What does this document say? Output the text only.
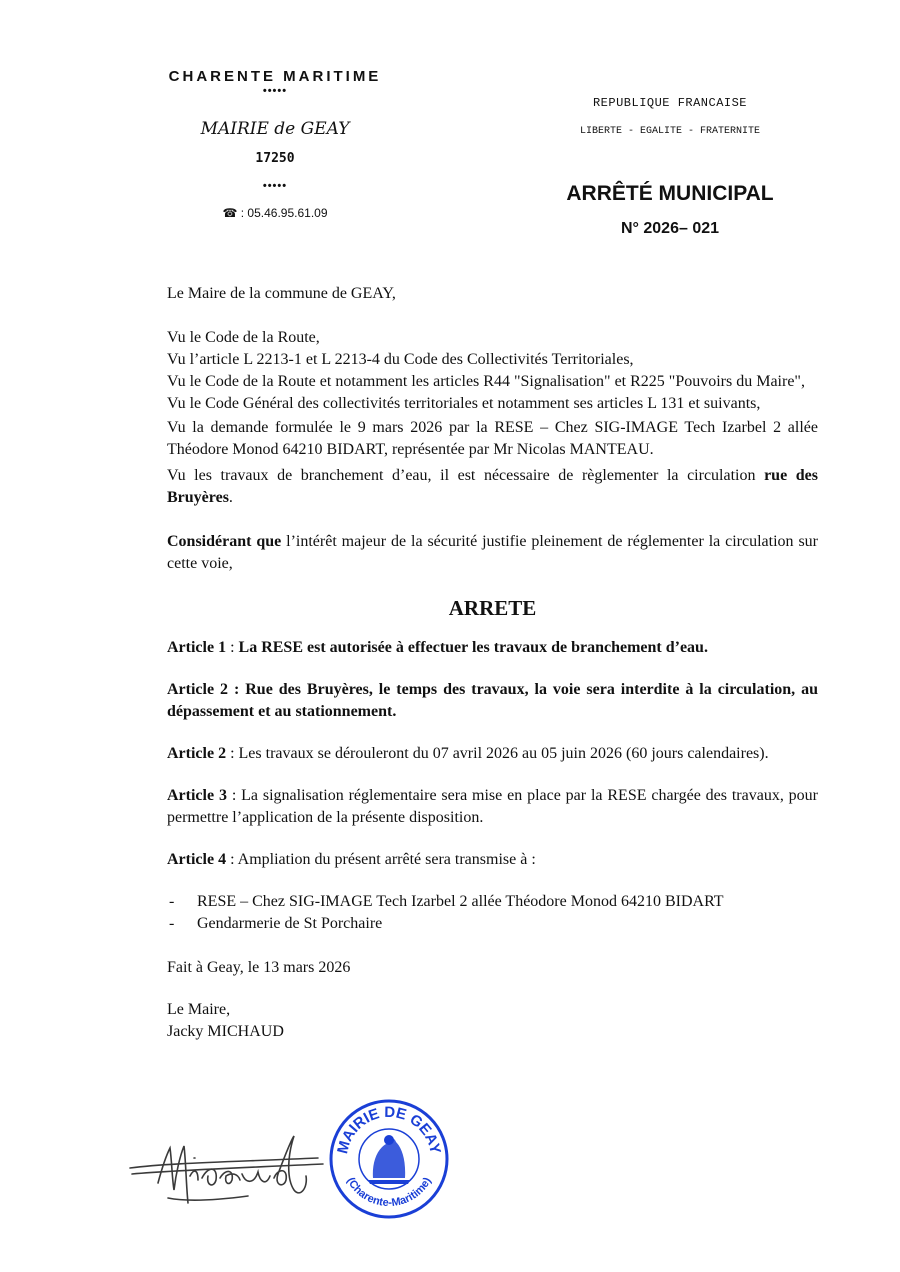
CHARENTE MARITIME
•••••
MAIRIE de GEAY
17250
•••••
☎ : 05.46.95.61.09
REPUBLIQUE FRANCAISE
LIBERTE - EGALITE - FRATERNITE
ARRÊTÉ MUNICIPAL
N° 2026– 021

Le Maire de la commune de GEAY,

Vu le Code de la Route,

Vu l’article L 2213-1 et L 2213-4 du Code des Collectivités Territoriales,

Vu le Code de la Route et notamment les articles R44 "Signalisation" et R225 "Pouvoirs du Maire",

Vu le Code Général des collectivités territoriales et notamment ses articles L 131 et suivants,

Vu la demande formulée le 9 mars 2026 par la RESE – Chez SIG-IMAGE Tech Izarbel 2 allée Théodore Monod 64210 BIDART, représentée par Mr Nicolas MANTEAU.

Vu les travaux de branchement d’eau, il est nécessaire de règlementer la circulation rue des Bruyères.

Considérant que l’intérêt majeur de la sécurité justifie pleinement de réglementer la circulation sur cette voie,

ARRETE

Article 1 : La RESE est autorisée à effectuer les travaux de branchement d’eau.

Article 2 : Rue des Bruyères, le temps des travaux, la voie sera interdite à la circulation, au dépassement et au stationnement.

Article 2 : Les travaux se dérouleront du 07 avril 2026 au 05 juin 2026 (60 jours calendaires).

Article 3 : La signalisation réglementaire sera mise en place par la RESE chargée des travaux, pour permettre l’application de la présente disposition.

Article 4 : Ampliation du présent arrêté sera transmise à :

- RESE – Chez SIG-IMAGE Tech Izarbel 2 allée Théodore Monod 64210 BIDART
- Gendarmerie de St Porchaire

Fait à Geay, le 13 mars 2026

Le Maire,

Jacky MICHAUD

MAIRIE DE GEAY
(Charente-Maritime)
